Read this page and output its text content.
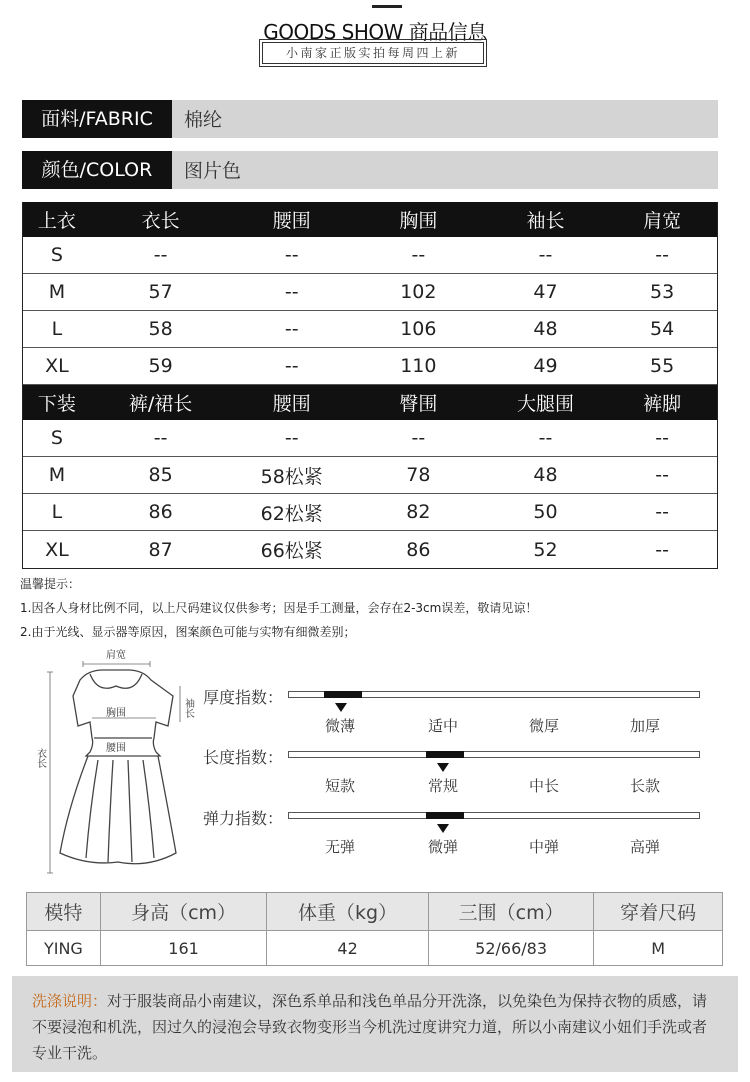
GOODS SHOW 商品信息
小南家正版实拍每周四上新
面料/FABRIC	棉纶
颜色/COLOR	图片色
上衣	衣长	腰围	胸围	袖长	肩宽
S	--	--	--	--	--
M	57	--	102	47	53
L	58	--	106	48	54
XL	59	--	110	49	55
下装	裤/裙长	腰围	臀围	大腿围	裤脚
S	--	--	--	--	--
M	85	58松紧	78	48	--
L	86	62松紧	82	50	--
XL	87	66松紧	86	52	--
温馨提示：
1.因各人身材比例不同，以上尺码建议仅供参考；因是手工测量，会存在2-3cm误差，敬请见谅！
2.由于光线、显示器等原因，图案颜色可能与实物有细微差别；
肩宽
胸围
腰围
袖长
衣长
厚度指数：
微薄	适中	微厚	加厚
长度指数：
短款	常规	中长	长款
弹力指数：
无弹	微弹	中弹	高弹
模特	身高（cm）	体重（kg）	三围（cm）	穿着尺码
YING	161	42	52/66/83	M
洗涤说明：对于服装商品小南建议，深色系单品和浅色单品分开洗涤，以免染色为保持衣物的质感，请不要浸泡和机洗，因过久的浸泡会导致衣物变形当今机洗过度讲究力道，所以小南建议小妞们手洗或者专业干洗。
